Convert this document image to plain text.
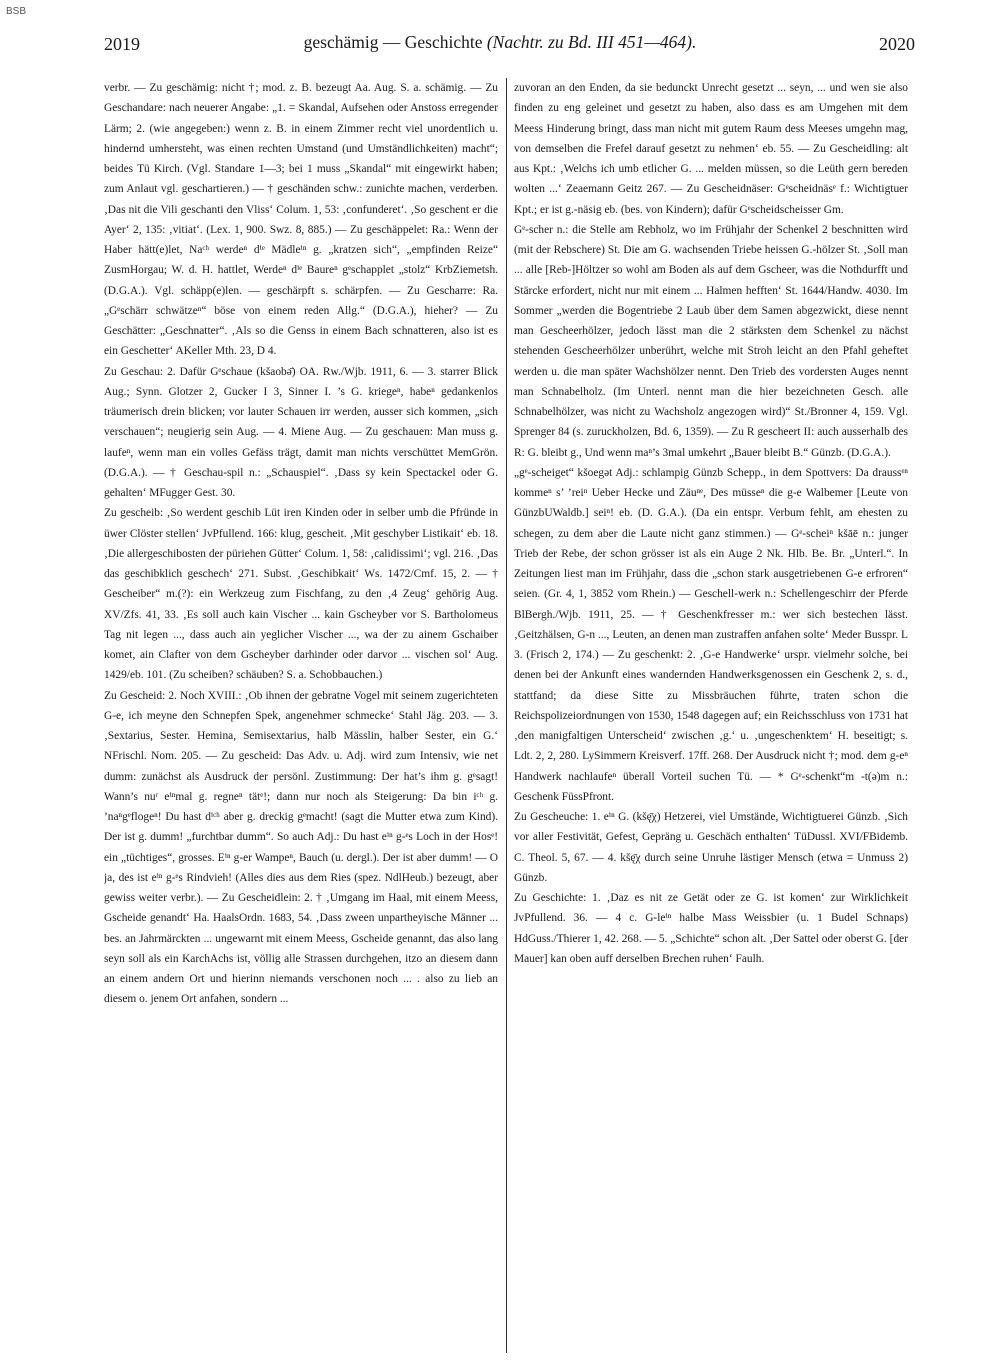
BSB
2019	geschämig — Geschichte (Nachtr. zu Bd. III 451—464).	2020

verbr. — Zu geschämig: nicht †; mod. z. B. bezeugt Aa. Aug. S. a. schämig. — Zu Geschandare: nach neuerer Angabe: „1. = Skandal, Aufsehen oder Anstoss erregender Lärm; 2. (wie angegeben:) wenn z. B. in einem Zimmer recht viel unordentlich u. hindernd umhersteht, was einen rechten Umstand (und Umständlichkeiten) macht“; beides Tü Kirch. (Vgl. Standare 1—3; bei 1 muss „Skandal“ mit eingewirkt haben; zum Anlaut vgl. geschartieren.) — † geschänden schw.: zunichte machen, verderben. ‚Das nit die Vili geschanti den Vliss‘ Colum. 1, 53: ‚confunderet‘. ‚So geschent er die Ayer‘ 2, 135: ‚vitiat‘. (Lex. 1, 900. Swz. 8, 885.) — Zu geschäppelet: Ra.: Wenn der Haber hätt(e)let, Naᶜʰ werdeⁿ dⁱᵉ Mädleⁱⁿ g. „kratzen sich“, „empfinden Reize“ ZusmHorgau; W. d. H. hattlet, Werdeⁿ dⁱᵉ Baureⁿ gᵉschapplet „stolz“ KrbZiemetsh. (D.G.A.). Vgl. schäpp(e)len. — geschärpft s. schärpfen. — Zu Gescharre: Ra. „Gᵉschärr schwätzeⁿ“ böse von einem reden Allg.“ (D.G.A.), hieher? — Zu Geschätter: „Geschnatter“. ‚Als so die Genss in einem Bach schnatteren, also ist es ein Geschetter‘ AKeller Mth. 23, D 4.

Zu Geschau: 2. Dafür Gᵉschaue (kšaobə̄) OA. Rw./Wjb. 1911, 6. — 3. starrer Blick Aug.; Synn. Glotzer 2, Gucker I 3, Sinner I. ’s G. kriegeⁿ, habeⁿ gedankenlos träumerisch drein blicken; vor lauter Schauen irr werden, ausser sich kommen, „sich verschauen“; neugierig sein Aug. — 4. Miene Aug. — Zu geschauen: Man muss g. laufeⁿ, wenn man ein volles Gefäss trägt, damit man nichts verschüttet MemGrön. (D.G.A.). — † Geschau-spil n.: „Schauspiel“. ‚Dass sy kein Spectackel oder G. gehalten‘ MFugger Gest. 30.

Zu gescheib: ‚So werdent geschib Lüt iren Kinden oder in selber umb die Pfründe in üwer Clöster stellen‘ JvPfullend. 166: klug, gescheit. ‚Mit geschyber Listikait‘ eb. 18. ‚Die allergeschibosten der püriehen Gütter‘ Colum. 1, 58: ‚calidissimi‘; vgl. 216. ‚Das das geschibklich geschech‘ 271. Subst. ‚Geschibkait‘ Ws. 1472/Cmf. 15, 2. — † Gescheiber“ m.(?): ein Werkzeug zum Fischfang, zu den ‚4 Zeug‘ gehörig Aug. XV/Zfs. 41, 33. ‚Es soll auch kain Vischer ... kain Gscheyber vor S. Bartholomeus Tag nit legen ..., dass auch ain yeglicher Vischer ..., wa der zu ainem Gschaiber komet, ain Clafter von dem Gscheyber darhinder oder darvor ... vischen sol‘ Aug. 1429/eb. 101. (Zu scheiben? schäuben? S. a. Schobbauchen.)

Zu Gescheid: 2. Noch XVIII.: ‚Ob ihnen der gebratne Vogel mit seinem zugerichteten G-e, ich meyne den Schnepfen Spek, angenehmer schmecke‘ Stahl Jäg. 203. — 3. ‚Sextarius, Sester. Hemina, Semisextarius, halb Mässlin, halber Sester, ein G.‘ NFrischl. Nom. 205. — Zu gescheid: Das Adv. u. Adj. wird zum Intensiv, wie net dumm: zunächst als Ausdruck der persönl. Zustimmung: Der hat’s ihm g. gᵉsagt! Wann’s nuʳ eⁱⁿmal g. regneⁿ tätᵉ!; dann nur noch als Steigerung: Da bin iᶜʰ g. ’naⁿgᵉflogeⁿ! Du hast dⁱᶜʰ aber g. dreckig gᵉmacht! (sagt die Mutter etwa zum Kind). Der ist g. dumm! „furchtbar dumm“. So auch Adj.: Du hast eⁱⁿ g-ᵉs Loch in der Hosᵉ! ein „tüchtiges“, grosses. Eⁱⁿ g-er Wampeⁿ, Bauch (u. dergl.). Der ist aber dumm! — O ja, des ist eⁱⁿ g-ᵉs Rindvieh! (Alles dies aus dem Ries (spez. NdlHeub.) bezeugt, aber gewiss weiter verbr.). — Zu Gescheidlein: 2. † ‚Umgang im Haal, mit einem Meess, Gscheide genandt‘ Ha. HaalsOrdn. 1683, 54. ‚Dass zween unpartheyische Männer ... bes. an Jahrmärckten ... ungewarnt mit einem Meess, Gscheide genannt, das also lang seyn soll als ein KarchAchs ist, völlig alle Strassen durchgehen, itzo an diesem dann an einem andern Ort und hierinn niemands verschonen noch ... . also zu lieb an diesem o. jenem Ort anfahen, sondern ...

zuvoran an den Enden, da sie bedunckt Unrecht gesetzt ... seyn, ... und wen sie also finden zu eng geleinet und gesetzt zu haben, also dass es am Umgehen mit dem Meess Hinderung bringt, dass man nicht mit gutem Raum dess Meeses umgehn mag, von demselben die Frefel darauf gesetzt zu nehmen‘ eb. 55. — Zu Gescheidling: alt aus Kpt.: ‚Welchs ich umb etlicher G. ... melden müssen, so die Leüth gern bereden wolten ...‘ Zeaemann Geitz 267. — Zu Gescheidnäser: Gᵉscheidnäsᵉ f.: Wichtigtuer Kpt.; er ist g.-näsig eb. (bes. von Kindern); dafür Gᵉscheidscheisser Gm.

Gᵉ-scher n.: die Stelle am Rebholz, wo im Frühjahr der Schenkel 2 beschnitten wird (mit der Rebschere) St. Die am G. wachsenden Triebe heissen G.-hölzer St. ‚Soll man ... alle [Reb-]Höltzer so wohl am Boden als auf dem Gscheer, was die Nothdurfft und Stärcke erfordert, nicht nur mit einem ... Halmen hefften‘ St. 1644/Handw. 4030. Im Sommer „werden die Bogentriebe 2 Laub über dem Samen abgezwickt, diese nennt man Gescheerhölzer, jedoch lässt man die 2 stärksten dem Schenkel zu nächst stehenden Gescheerhölzer unberührt, welche mit Stroh leicht an den Pfahl geheftet werden u. die man später Wachshölzer nennt. Den Trieb des vordersten Auges nennt man Schnabelholz. (Im Unterl. nennt man die hier bezeichneten Gesch. alle Schnabelhölzer, was nicht zu Wachsholz angezogen wird)“ St./Bronner 4, 159. Vgl. Sprenger 84 (s. zuruckholzen, Bd. 6, 1359). — Zu R gescheert II: auch ausserhalb des R: G. bleibt g., Und wenn maⁿ’s 3mal umkehrt „Bauer bleibt B.“ Günzb. (D.G.A.).

„gᵉ-scheiget“ kšoegət Adj.: schlampig Günzb Schepp., in dem Spottvers: Da draussᵉⁿ kommeⁿ s’ ’reiⁿ Ueber Hecke und Zäuⁿᵉ, Des müsseⁿ die g-e Walbemer [Leute von GünzbUWaldb.] seiⁿ! eb. (D. G.A.). (Da ein entspr. Verbum fehlt, am ehesten zu schegen, zu dem aber die Laute nicht ganz stimmen.) — Gᵉ-scheiⁿ kšāē n.: junger Trieb der Rebe, der schon grösser ist als ein Auge 2 Nk. Hlb. Be. Br. „Unterl.“. In Zeitungen liest man im Frühjahr, dass die „schon stark ausgetriebenen G-e erfroren“ seien. (Gr. 4, 1, 3852 vom Rhein.) — Geschell-werk n.: Schellengeschirr der Pferde BlBergh./Wjb. 1911, 25. — † Geschenkfresser m.: wer sich bestechen lässt. ‚Geitzhälsen, G-n ..., Leuten, an denen man zustraffen anfahen solte‘ Meder Busspr. L 3. (Frisch 2, 174.) — Zu geschenkt: 2. ‚G-e Handwerke‘ urspr. vielmehr solche, bei denen bei der Ankunft eines wandernden Handwerksgenossen ein Geschenk 2, s. d., stattfand; da diese Sitte zu Missbräuchen führte, traten schon die Reichspolizeiordnungen von 1530, 1548 dagegen auf; ein Reichsschluss von 1731 hat ‚den manigfaltigen Unterscheid‘ zwischen ‚g.‘ u. ‚ungeschenktem‘ H. beseitigt; s. Ldt. 2, 2, 280. LySimmern Kreisverf. 17ff. 268. Der Ausdruck nicht †; mod. dem g-eⁿ Handwerk nachlaufeⁿ überall Vorteil suchen Tü. — * Gᵉ-schenkt“m -t(ə)m n.: Geschenk FüssPfront.

Zu Gescheuche: 1. eⁱⁿ G. (kšę̄χ) Hetzerei, viel Umstände, Wichtigtuerei Günzb. ‚Sich vor aller Festivität, Gefest, Gepräng u. Geschäch enthalten‘ TüDussl. XVI/FBidemb. C. Theol. 5, 67. — 4. kšę̄χ durch seine Unruhe lästiger Mensch (etwa = Unmuss 2) Günzb.

Zu Geschichte: 1. ‚Daz es nit ze Getät oder ze G. ist komen‘ zur Wirklichkeit JvPfullend. 36. — 4 c. G-leⁱⁿ halbe Mass Weissbier (u. 1 Budel Schnaps) HdGuss./Thierer 1, 42. 268. — 5. „Schichte“ schon alt. ‚Der Sattel oder oberst G. [der Mauer] kan oben auff derselben Brechen ruhen‘ Faulh.
